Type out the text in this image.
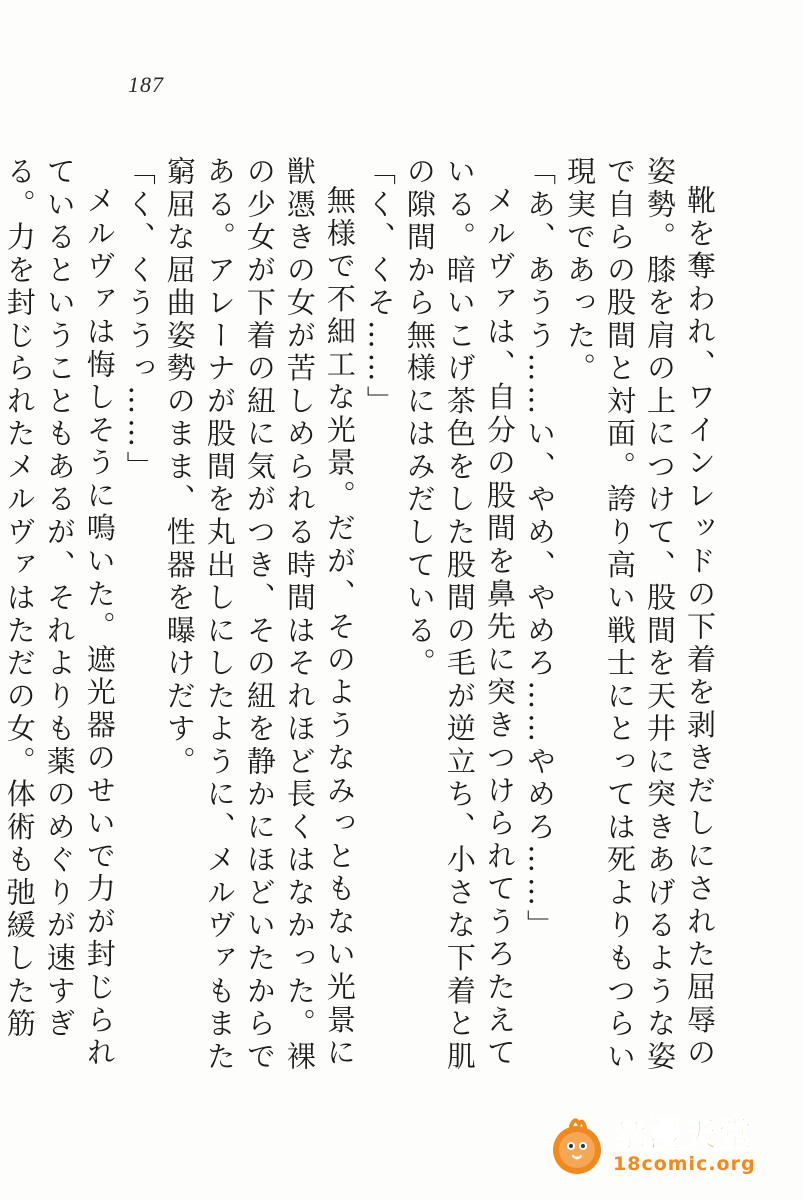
187

靴を奪われ、ワインレッドの下着を剥きだしにされた屈辱の姿勢。膝を肩の上につけて、股間を天井に突きあげるような姿で自らの股間と対面。誇り高い戦士にとっては死よりもつらい現実であった。

「あ、あうう……い、やめ、やめろ……やめろ……」

メルヴァは、自分の股間を鼻先に突きつけられてうろたえている。暗いこげ茶色をした股間の毛が逆立ち、小さな下着と肌の隙間から無様にはみだしている。

「く、くそ……」

無様で不細工な光景。だが、そのようなみっともない光景に獣憑きの女が苦しめられる時間はそれほど長くはなかった。裸の少女が下着の紐に気がつき、その紐を静かにほどいたからである。アレーナが股間を丸出しにしたように、メルヴァもまた窮屈な屈曲姿勢のまま、性器を曝けだす。

「く、くううっ……」

メルヴァは悔しそうに鳴いた。遮光器のせいで力が封じられているということもあるが、それよりも薬のめぐりが速すぎる。力を封じられたメルヴァはただの女。体術も弛緩した筋

禁漫天堂
18comic.org
